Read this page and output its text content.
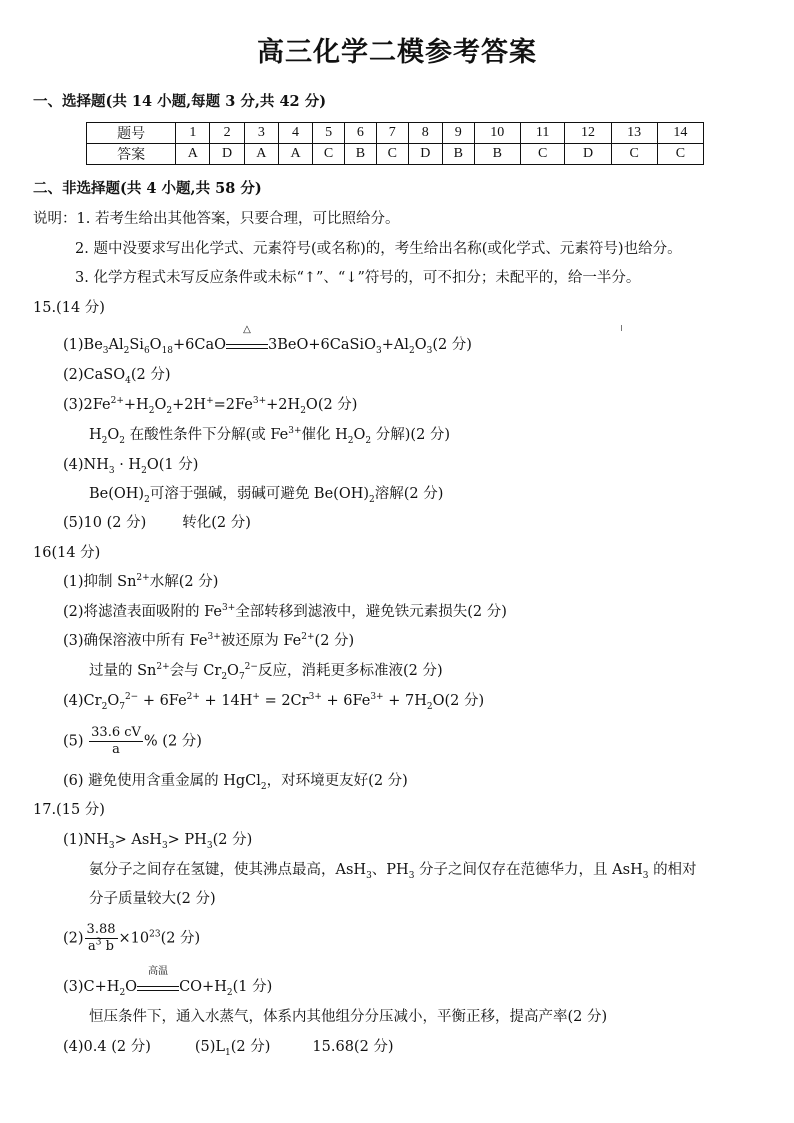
高三化学二模参考答案
一、选择题(共 14 小题,每题 3 分,共 42 分)
题号	1	2	3	4	5	6	7	8	9	10	11	12	13	14
答案	A	D	A	A	C	B	C	D	B	B	C	D	C	C
二、非选择题(共 4 小题,共 58 分)
说明：1. 若考生给出其他答案，只要合理，可比照给分。
2. 题中没要求写出化学式、元素符号(或名称)的，考生给出名称(或化学式、元素符号)也给分。
3. 化学方程式未写反应条件或未标“↑”、“↓”符号的，可不扣分；未配平的，给一半分。
15.(14 分)
$(1)Be_3Al_2Si_6O_{18}+6CaO$
△
$3BeO+6CaSiO_3+Al_2O_3(2$ 分)
(2)CaSO$_4$(2 分)
$(3)2Fe^{2+}+H_2O_2+2H^+=2Fe^{3+}+2H_2O(2$ 分)
$H_2O_2$ 在酸性条件下分解(或 $Fe^{3+}$催化 $H_2O_2$ 分解)(2 分)
$(4)NH_3 \cdot H_2O(1$ 分)
$Be(OH)_2$可溶于强碱，弱碱可避免 $Be(OH)_2$溶解(2 分)
(5)10 (2 分) 转化(2 分)
16(14 分)
(1)抑制 $Sn^{2+}$水解(2 分)
(2)将滤渣表面吸附的 $Fe^{3+}$全部转移到滤液中，避免铁元素损失(2 分)
(3)确保溶液中所有 $Fe^{3+}$被还原为 $Fe^{2+}(2$ 分)
过量的 $Sn^{2+}$会与 $Cr_2O_7^{2-}$反应，消耗更多标准液(2 分)
$(4)Cr_2O_7^{2-} + 6Fe^{2+} + 14H^+ = 2Cr^{3+} + 6Fe^{3+} + 7H_2O(2$ 分)
$(5) \frac{33.6 cV}{a}$ % (2 分)
(6) 避免使用含重金属的 HgCl$_2$，对环境更友好(2 分)
17.(15 分)
$(1)NH_3> AsH_3> PH_3(2$ 分)
氨分子之间存在氢键，使其沸点最高，AsH$_3$、$PH_3$ 分子之间仅存在范德华力，且 AsH$_3$ 的相对
分子质量较大(2 分)
$(2) \frac{3.88}{a^3 b} \times 10^{23}(2$ 分)
$(3)C+H_2O$
高温
$CO+H_2(1$ 分)
恒压条件下，通入水蒸气，体系内其他组分分压减小，平衡正移，提高产率(2 分)
(4)0.4 (2 分)	$(5)L_1(2$ 分)	15.68(2 分)
